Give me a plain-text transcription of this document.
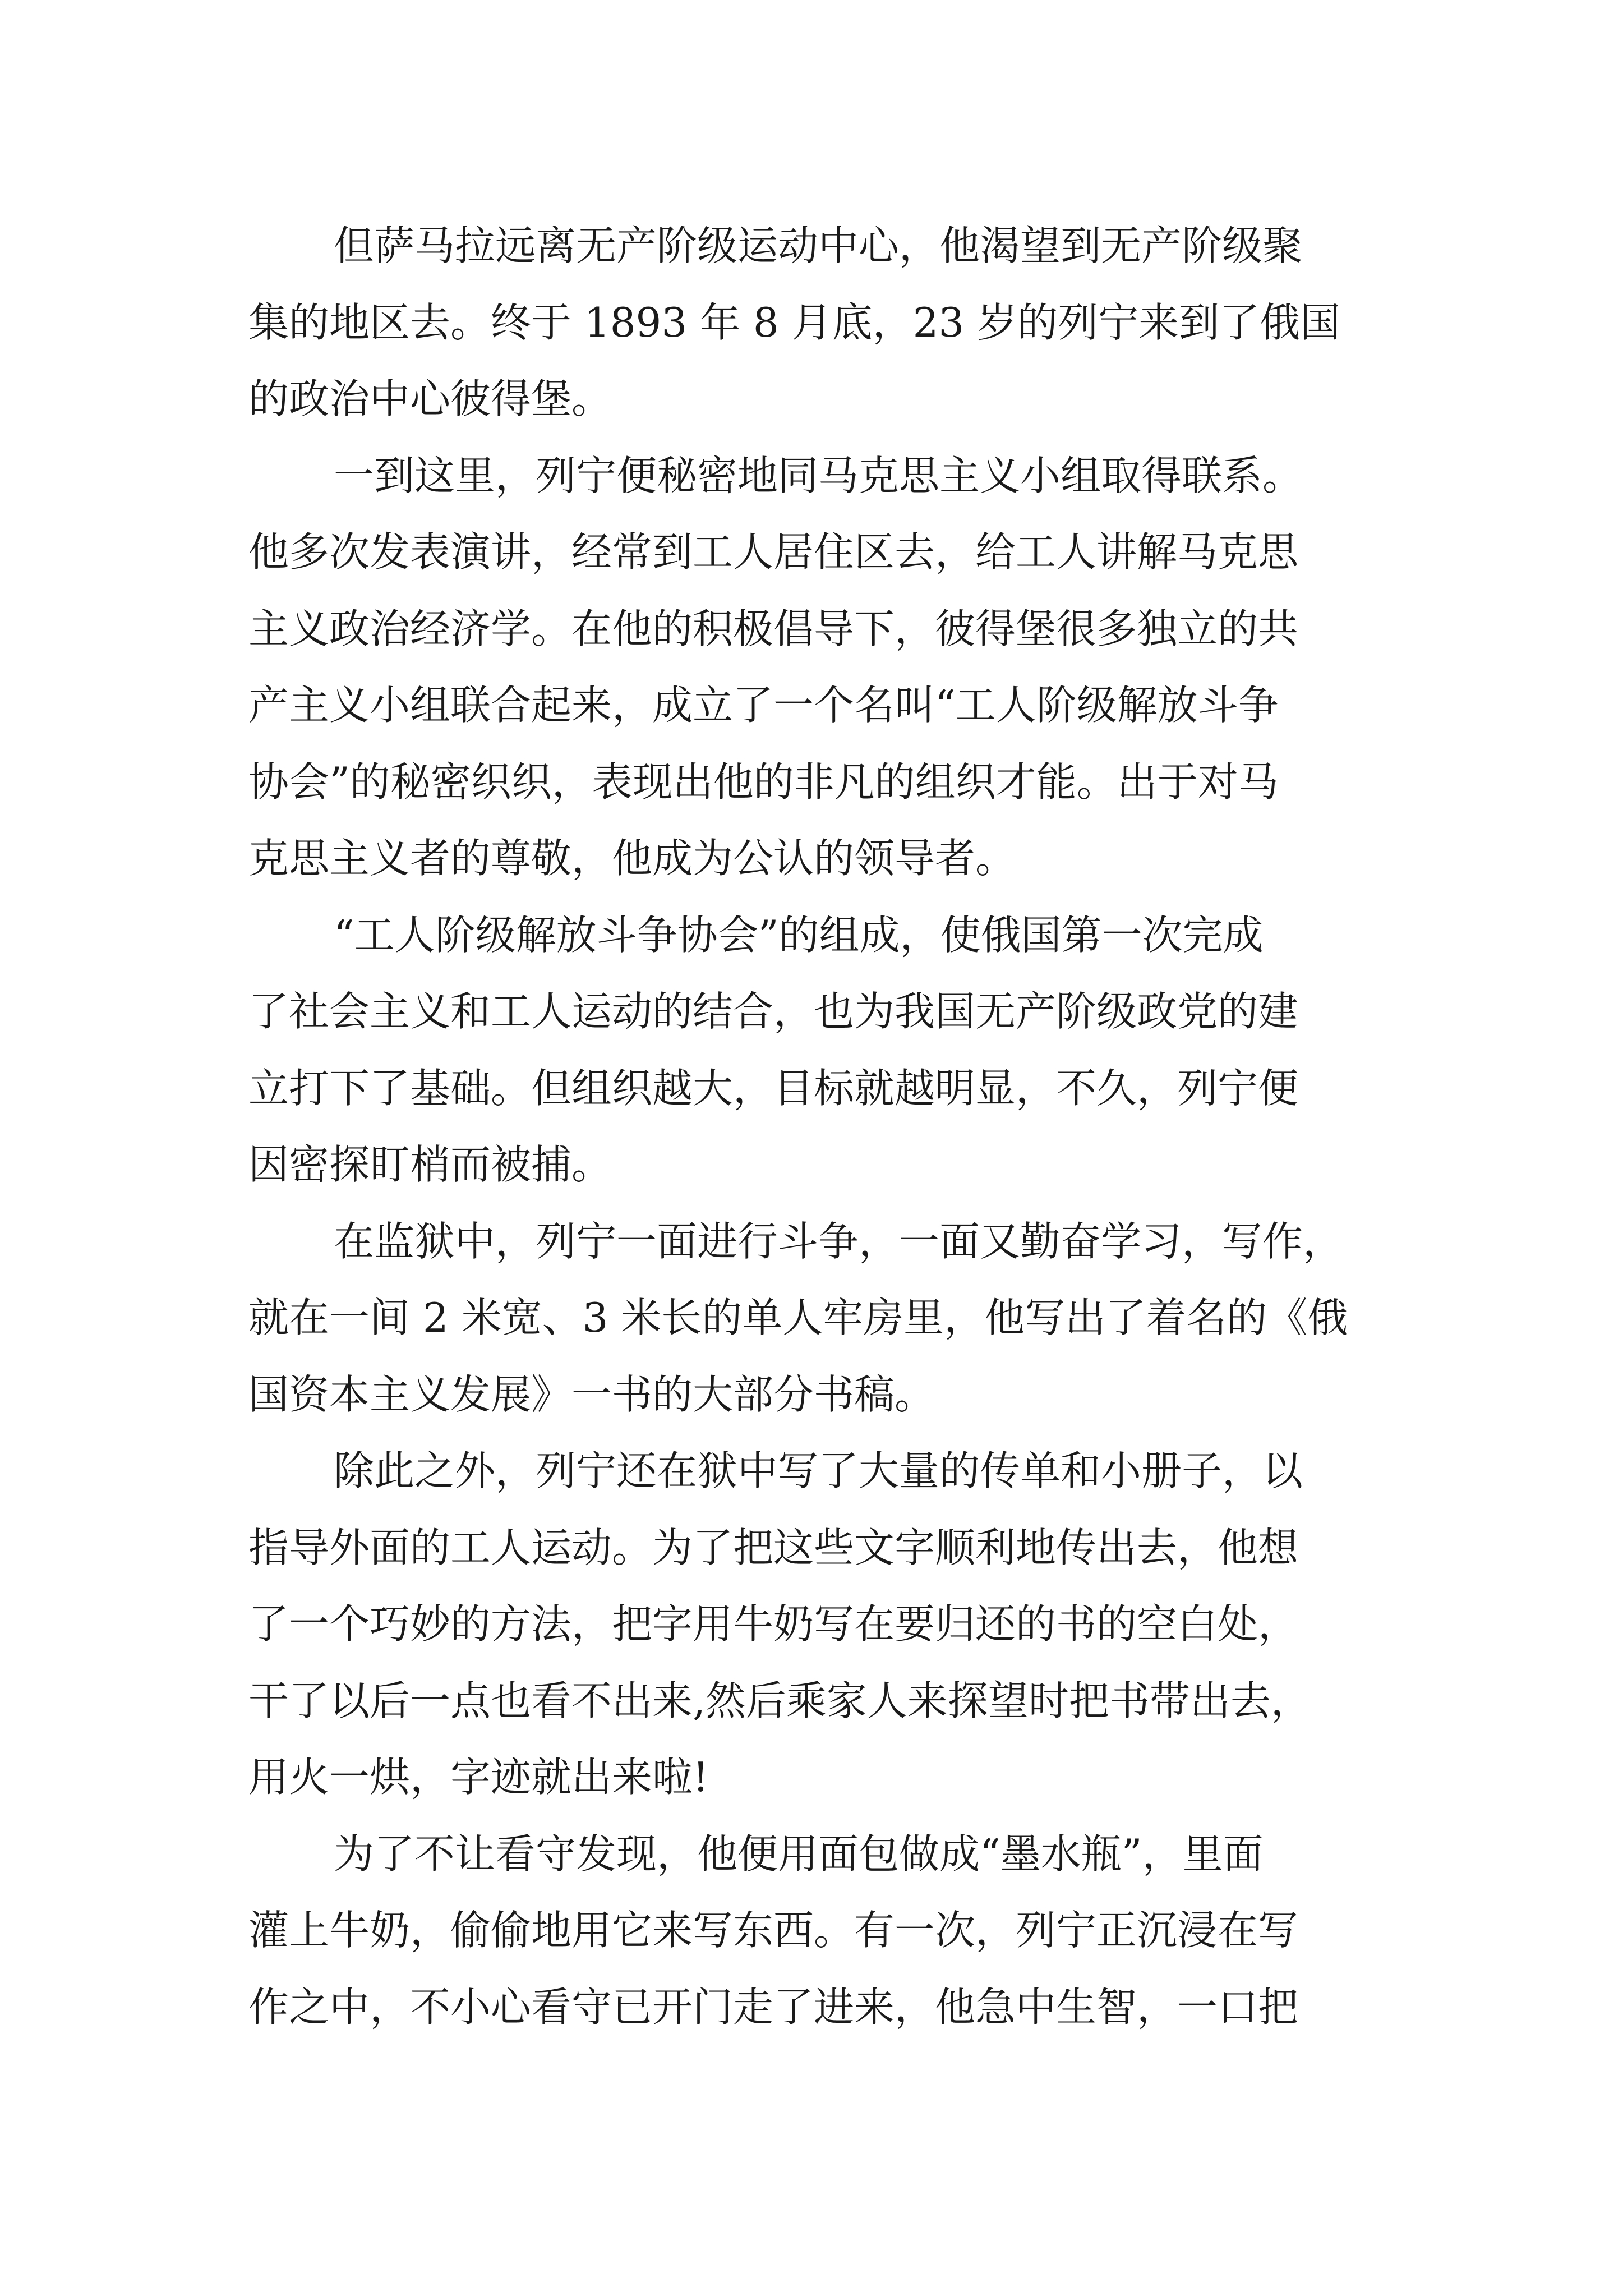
但萨马拉远离无产阶级运动中心，他渴望到无产阶级聚
集的地区去。终于 1893 年 8 月底，23 岁的列宁来到了俄国
的政治中心彼得堡。

一到这里，列宁便秘密地同马克思主义小组取得联系。
他多次发表演讲，经常到工人居住区去，给工人讲解马克思
主义政治经济学。在他的积极倡导下，彼得堡很多独立的共
产主义小组联合起来，成立了一个名叫“工人阶级解放斗争
协会”的秘密织织，表现出他的非凡的组织才能。出于对马
克思主义者的尊敬，他成为公认的领导者。

“工人阶级解放斗争协会”的组成，使俄国第一次完成
了社会主义和工人运动的结合，也为我国无产阶级政党的建
立打下了基础。但组织越大，目标就越明显，不久，列宁便
因密探盯梢而被捕。

在监狱中，列宁一面进行斗争，一面又勤奋学习，写作，
就在一间 2 米宽、3 米长的单人牢房里，他写出了着名的《俄
国资本主义发展》一书的大部分书稿。

除此之外，列宁还在狱中写了大量的传单和小册子，以
指导外面的工人运动。为了把这些文字顺利地传出去，他想
了一个巧妙的方法，把字用牛奶写在要归还的书的空白处，
干了以后一点也看不出来,然后乘家人来探望时把书带出去，
用火一烘，字迹就出来啦!

为了不让看守发现，他便用面包做成“墨水瓶”，里面
灌上牛奶，偷偷地用它来写东西。有一次，列宁正沉浸在写
作之中，不小心看守已开门走了进来，他急中生智，一口把
